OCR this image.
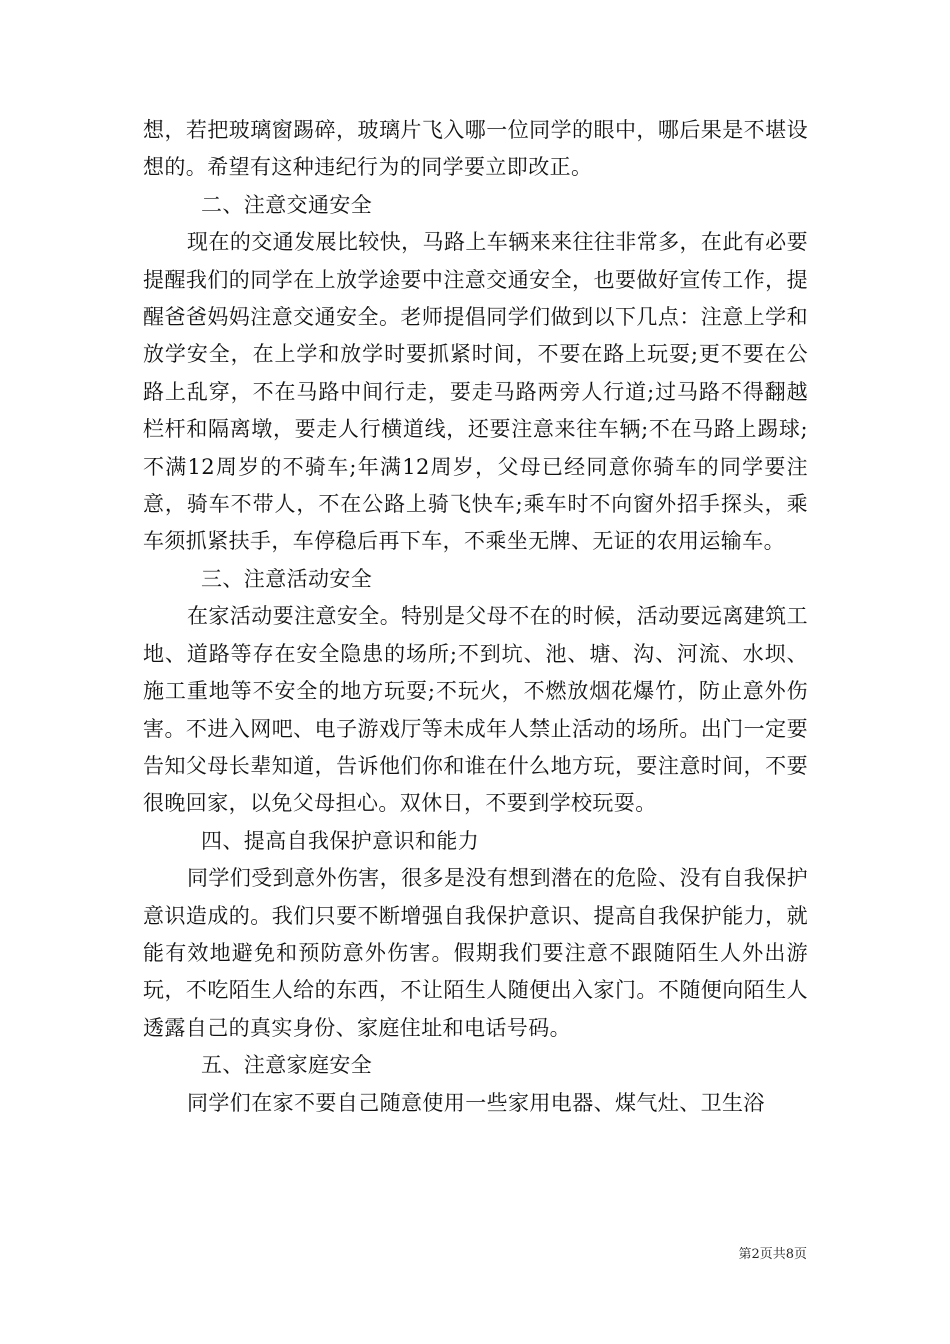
想，若把玻璃窗踢碎，玻璃片飞入哪一位同学的眼中，哪后果是不堪设想的。希望有这种违纪行为的同学要立即改正。

二、注意交通安全

现在的交通发展比较快，马路上车辆来来往往非常多，在此有必要提醒我们的同学在上放学途要中注意交通安全，也要做好宣传工作，提醒爸爸妈妈注意交通安全。老师提倡同学们做到以下几点：注意上学和放学安全，在上学和放学时要抓紧时间，不要在路上玩耍;更不要在公路上乱穿，不在马路中间行走，要走马路两旁人行道;过马路不得翻越栏杆和隔离墩，要走人行横道线，还要注意来往车辆;不在马路上踢球;不满12周岁的不骑车;年满12周岁，父母已经同意你骑车的同学要注意，骑车不带人，不在公路上骑飞快车;乘车时不向窗外招手探头，乘车须抓紧扶手，车停稳后再下车，不乘坐无牌、无证的农用运输车。

三、注意活动安全

在家活动要注意安全。特别是父母不在的时候，活动要远离建筑工地、道路等存在安全隐患的场所;不到坑、池、塘、沟、河流、水坝、施工重地等不安全的地方玩耍;不玩火，不燃放烟花爆竹，防止意外伤害。不进入网吧、电子游戏厅等未成年人禁止活动的场所。出门一定要告知父母长辈知道，告诉他们你和谁在什么地方玩，要注意时间，不要很晚回家，以免父母担心。双休日，不要到学校玩耍。

四、提高自我保护意识和能力

同学们受到意外伤害，很多是没有想到潜在的危险、没有自我保护意识造成的。我们只要不断增强自我保护意识、提高自我保护能力，就能有效地避免和预防意外伤害。假期我们要注意不跟随陌生人外出游玩，不吃陌生人给的东西，不让陌生人随便出入家门。不随便向陌生人透露自己的真实身份、家庭住址和电话号码。

五、注意家庭安全

同学们在家不要自己随意使用一些家用电器、煤气灶、卫生浴

第2页共8页
